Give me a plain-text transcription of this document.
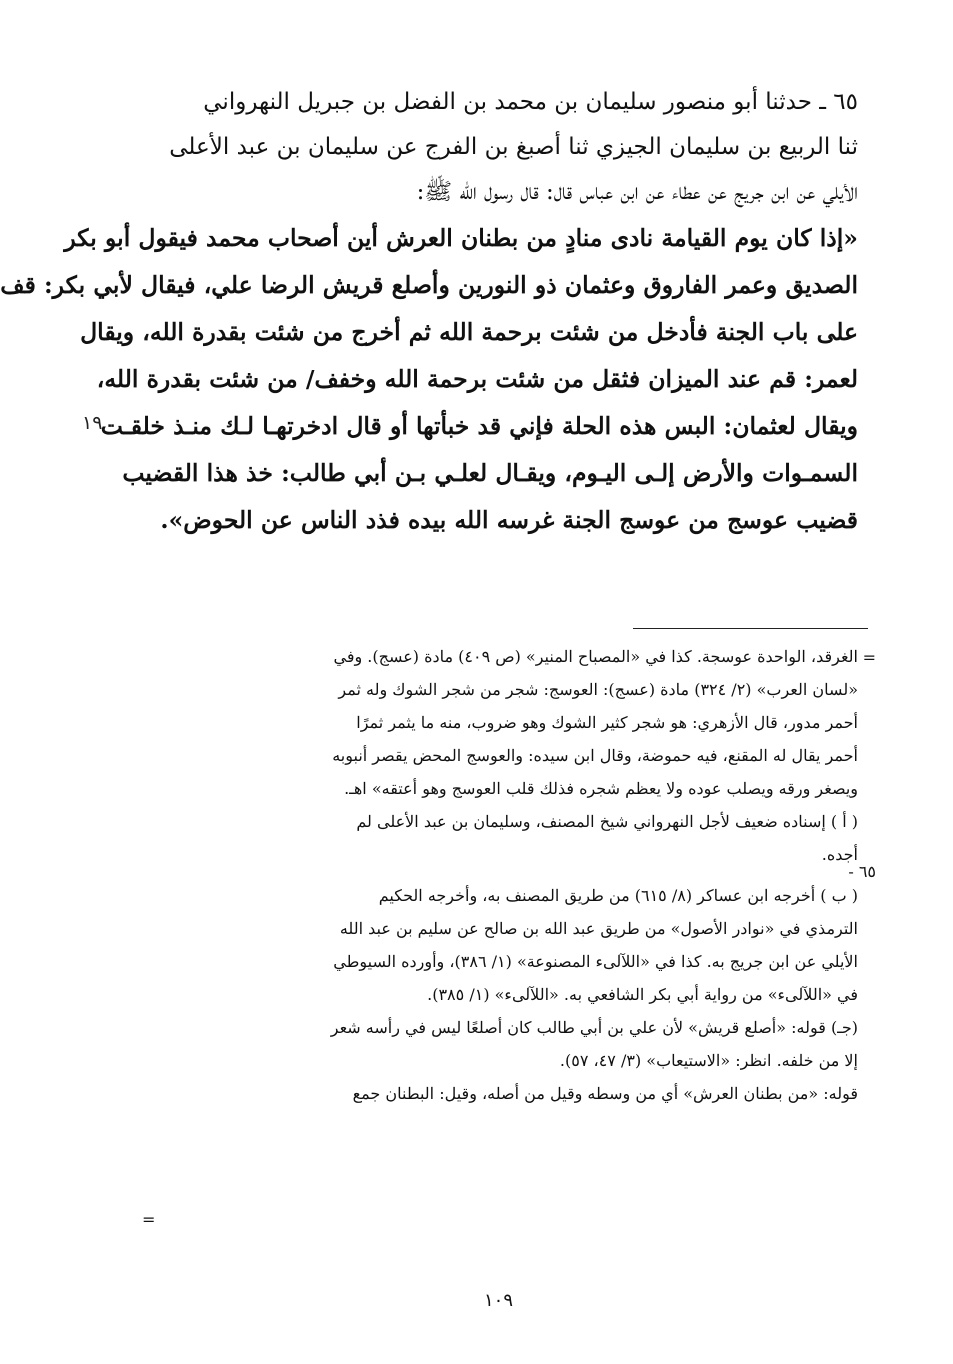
٦٥ ـ حدثنا أبو منصور سليمان بن محمد بن الفضل بن جبريل النهرواني
ثنا الربيع بن سليمان الجيزي ثنا أصبغ بن الفرج عن سليمان بن عبد الأعلى
الأيلي عن ابن جريج عن عطاء عن ابن عباس قال: قال رسول الله ﷺ:
«إذا كان يوم القيامة نادى منادٍ من بطنان العرش أين أصحاب محمد فيقول أبو بكر
الصديق وعمر الفاروق وعثمان ذو النورين وأصلع قريش الرضا علي، فيقال لأبي بكر: قف
على باب الجنة فأدخل من شئت برحمة الله ثم أخرج من شئت بقدرة الله، ويقال
لعمر: قم عند الميزان فثقل من شئت برحمة الله وخفف/ من شئت بقدرة الله،
ويقال لعثمان: البس هذه الحلة فإني قد خبأتها أو قال ادخرتهـا لـك منـذ خلقـت
السمـوات والأرض إلـى اليـوم، ويقـال لعلـي بـن أبي طالب: خذ هذا القضيب
قضيب عوسج من عوسج الجنة غرسه الله بيده فذد الناس عن الحوض».
١٩
=
٦٥ -
الغرقد، الواحدة عوسجة. كذا في «المصباح المنير» (ص ٤٠٩) مادة (عسج). وفي
«لسان العرب» (٢/ ٣٢٤) مادة (عسج): العوسج: شجر من شجر الشوك وله ثمر
أحمر مدور، قال الأزهري: هو شجر كثير الشوك وهو ضروب، منه ما يثمر ثمرًا
أحمر يقال له المقنع، فيه حموضة، وقال ابن سيده: والعوسج المحض يقصر أنبوبه
ويصغر ورقه ويصلب عوده ولا يعظم شجره فذلك قلب العوسج وهو أعتقه» اهـ.
( أ ) إسناده ضعيف لأجل النهرواني شيخ المصنف، وسليمان بن عبد الأعلى لم
أجده.
( ب ) أخرجه ابن عساكر (٨/ ٦١٥) من طريق المصنف به، وأخرجه الحكيم
الترمذي في «نوادر الأصول» من طريق عبد الله بن صالح عن سليم بن عبد الله
الأيلي عن ابن جريج به. كذا في «اللآلىء المصنوعة» (١/ ٣٨٦)، وأورده السيوطي
في «اللآلىء» من رواية أبي بكر الشافعي به. «اللآلىء» (١/ ٣٨٥).
(جـ) قوله: «أصلع قريش» لأن علي بن أبي طالب كان أصلعًا ليس في رأسه شعر
إلا من خلفه. انظر: «الاستيعاب» (٣/ ٤٧، ٥٧).
قوله: «من بطنان العرش» أي من وسطه وقيل من أصله، وقيل: البطنان جمع
=
١٠٩
